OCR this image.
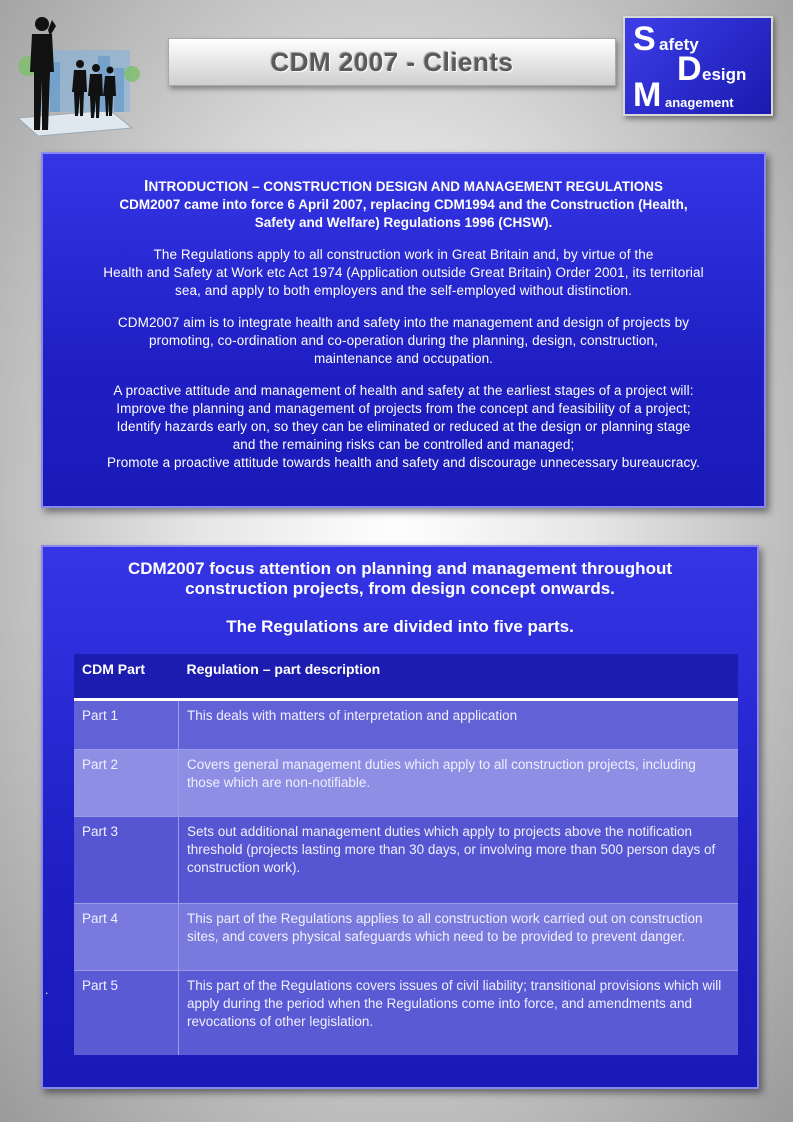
CDM 2007 - Clients
S afety
D esign
M anagement
INTRODUCTION – CONSTRUCTION DESIGN AND MANAGEMENT REGULATIONS
CDM2007 came into force 6 April 2007, replacing CDM1994 and the Construction (Health,
Safety and Welfare) Regulations 1996 (CHSW).
The Regulations apply to all construction work in Great Britain and, by virtue of the
Health and Safety at Work etc Act 1974 (Application outside Great Britain) Order 2001, its territorial
sea, and apply to both employers and the self-employed without distinction.
CDM2007 aim is to integrate health and safety into the management and design of projects by
promoting, co-ordination and co-operation during the planning, design, construction,
maintenance and occupation.
A proactive attitude and management of health and safety at the earliest stages of a project will:
Improve the planning and management of projects from the concept and feasibility of a project;
Identify hazards early on, so they can be eliminated or reduced at the design or planning stage
and the remaining risks can be controlled and managed;
Promote a proactive attitude towards health and safety and discourage unnecessary bureaucracy.
CDM2007 focus attention on planning and management throughout
construction projects, from design concept onwards.
The Regulations are divided into five parts.
CDM Part	Regulation – part description
Part 1	This deals with matters of interpretation and application
Part 2	Covers general management duties which apply to all construction projects, including those which are non-notifiable.
Part 3	Sets out additional management duties which apply to projects above the notification threshold (projects lasting more than 30 days, or involving more than 500 person days of construction work).
Part 4	This part of the Regulations applies to all construction work carried out on construction sites, and covers physical safeguards which need to be provided to prevent danger.
Part 5	This part of the Regulations covers issues of civil liability; transitional provisions which will apply during the period when the Regulations come into force, and amendments and revocations of other legislation.
.
